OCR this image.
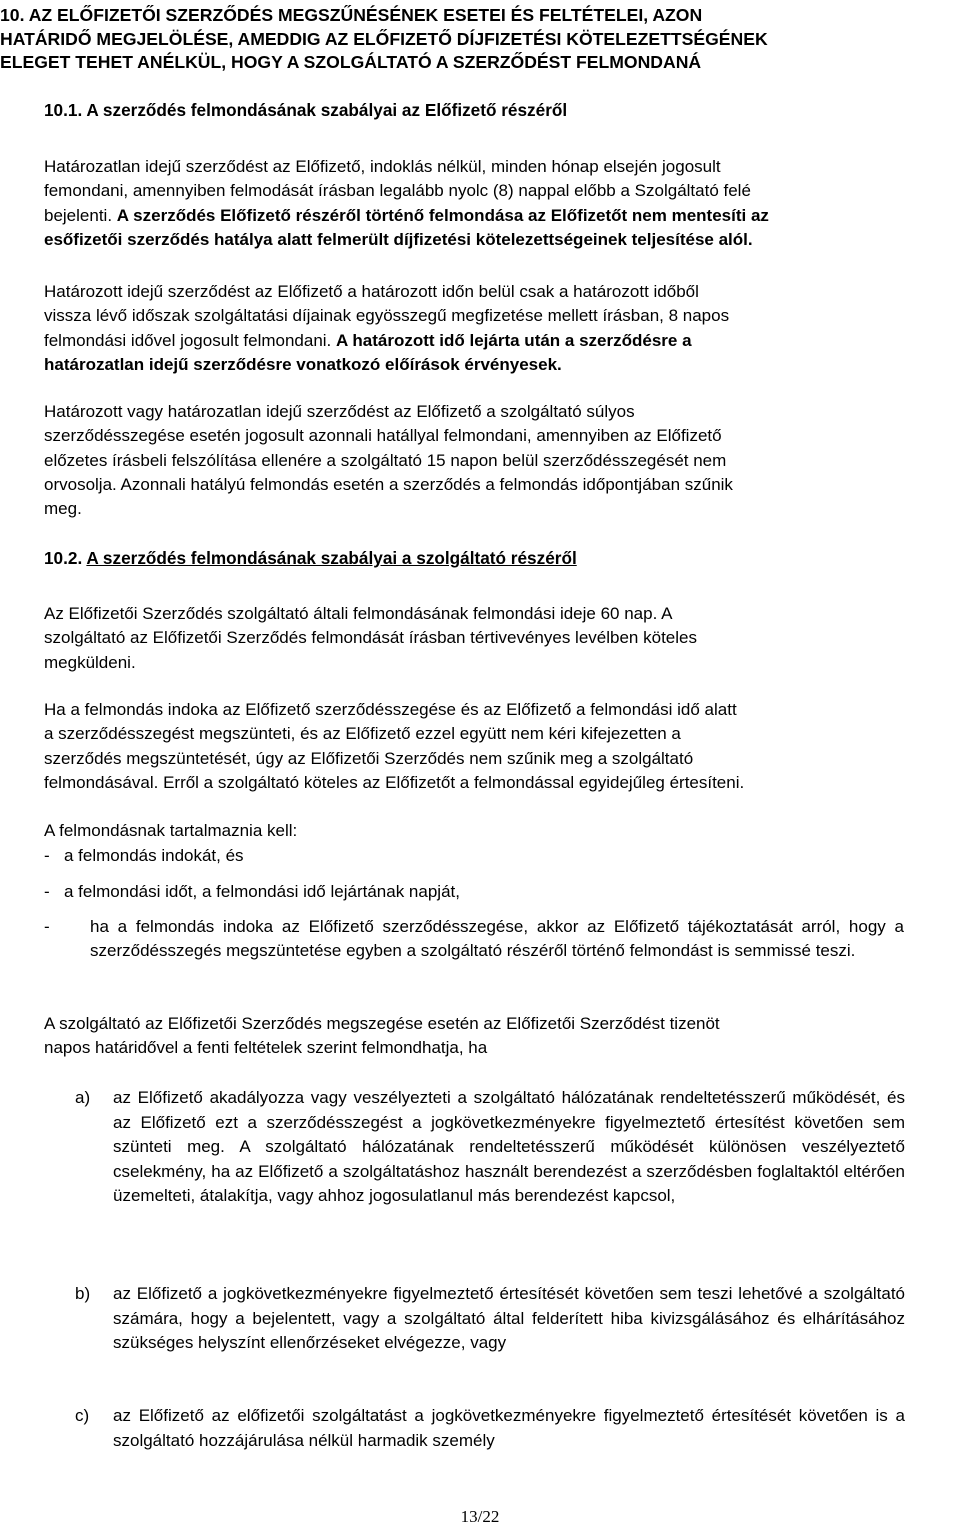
10. AZ ELŐFIZETŐI SZERZŐDÉS MEGSZŰNÉSÉNEK ESETEI ÉS FELTÉTELEI, AZON
HATÁRIDŐ MEGJELÖLÉSE, AMEDDIG AZ ELŐFIZETŐ DÍJFIZETÉSI KÖTELEZETTSÉGÉNEK
ELEGET TEHET ANÉLKÜL, HOGY A SZOLGÁLTATÓ A SZERZŐDÉST FELMONDANÁ
10.1. A szerződés felmondásának szabályai az Előfizető részéről
Határozatlan idejű szerződést az Előfizető, indoklás nélkül, minden hónap elsején jogosult
femondani, amennyiben felmodását írásban legalább nyolc (8) nappal előbb a Szolgáltató felé
bejelenti. A szerződés Előfizető részéről történő felmondása az Előfizetőt nem mentesíti az
esőfizetői szerződés hatálya alatt felmerült díjfizetési kötelezettségeinek teljesítése alól.
Határozott idejű szerződést az Előfizető a határozott időn belül csak a határozott időből
vissza lévő időszak szolgáltatási díjainak egyösszegű megfizetése mellett írásban, 8 napos
felmondási idővel jogosult felmondani. A határozott idő lejárta után a szerződésre a
határozatlan idejű szerződésre vonatkozó előírások érvényesek.
Határozott vagy határozatlan idejű szerződést az Előfizető a szolgáltató súlyos
szerződésszegése esetén jogosult azonnali hatállyal felmondani, amennyiben az Előfizető
előzetes írásbeli felszólítása ellenére a szolgáltató 15 napon belül szerződésszegését nem
orvosolja. Azonnali hatályú felmondás esetén a szerződés a felmondás időpontjában szűnik
meg.
10.2. A szerződés felmondásának szabályai a szolgáltató részéről
Az Előfizetői Szerződés szolgáltató általi felmondásának felmondási ideje 60 nap. A
szolgáltató az Előfizetői Szerződés felmondását írásban tértivevényes levélben köteles
megküldeni.
Ha a felmondás indoka az Előfizető szerződésszegése és az Előfizető a felmondási idő alatt
a szerződésszegést megszünteti, és az Előfizető ezzel együtt nem kéri kifejezetten a
szerződés megszüntetését, úgy az Előfizetői Szerződés nem szűnik meg a szolgáltató
felmondásával. Erről a szolgáltató köteles az Előfizetőt a felmondással egyidejűleg értesíteni.
A felmondásnak tartalmaznia kell:
- a felmondás indokát, és
- a felmondási időt, a felmondási idő lejártának napját,
-	ha a felmondás indoka az Előfizető szerződésszegése, akkor az Előfizető tájékoztatását arról, hogy a szerződésszegés megszüntetése egyben a szolgáltató részéről történő felmondást is semmissé teszi.
A szolgáltató az Előfizetői Szerződés megszegése esetén az Előfizetői Szerződést tizenöt
napos határidővel a fenti feltételek szerint felmondhatja, ha
a)	az Előfizető akadályozza vagy veszélyezteti a szolgáltató hálózatának rendeltetésszerű működését, és az Előfizető ezt a szerződésszegést a jogkövetkezményekre figyelmeztető értesítést követően sem szünteti meg. A szolgáltató hálózatának rendeltetésszerű működését különösen veszélyeztető cselekmény, ha az Előfizető a szolgáltatáshoz használt berendezést a szerződésben foglaltaktól eltérően üzemelteti, átalakítja, vagy ahhoz jogosulatlanul más berendezést kapcsol,
b)	az Előfizető a jogkövetkezményekre figyelmeztető értesítését követően sem teszi lehetővé a szolgáltató számára, hogy a bejelentett, vagy a szolgáltató által felderített hiba kivizsgálásához és elhárításához szükséges helyszínt ellenőrzéseket elvégezze, vagy
c)	az Előfizető az előfizetői szolgáltatást a jogkövetkezményekre figyelmeztető értesítését követően is a szolgáltató hozzájárulása nélkül harmadik személy
13/22
